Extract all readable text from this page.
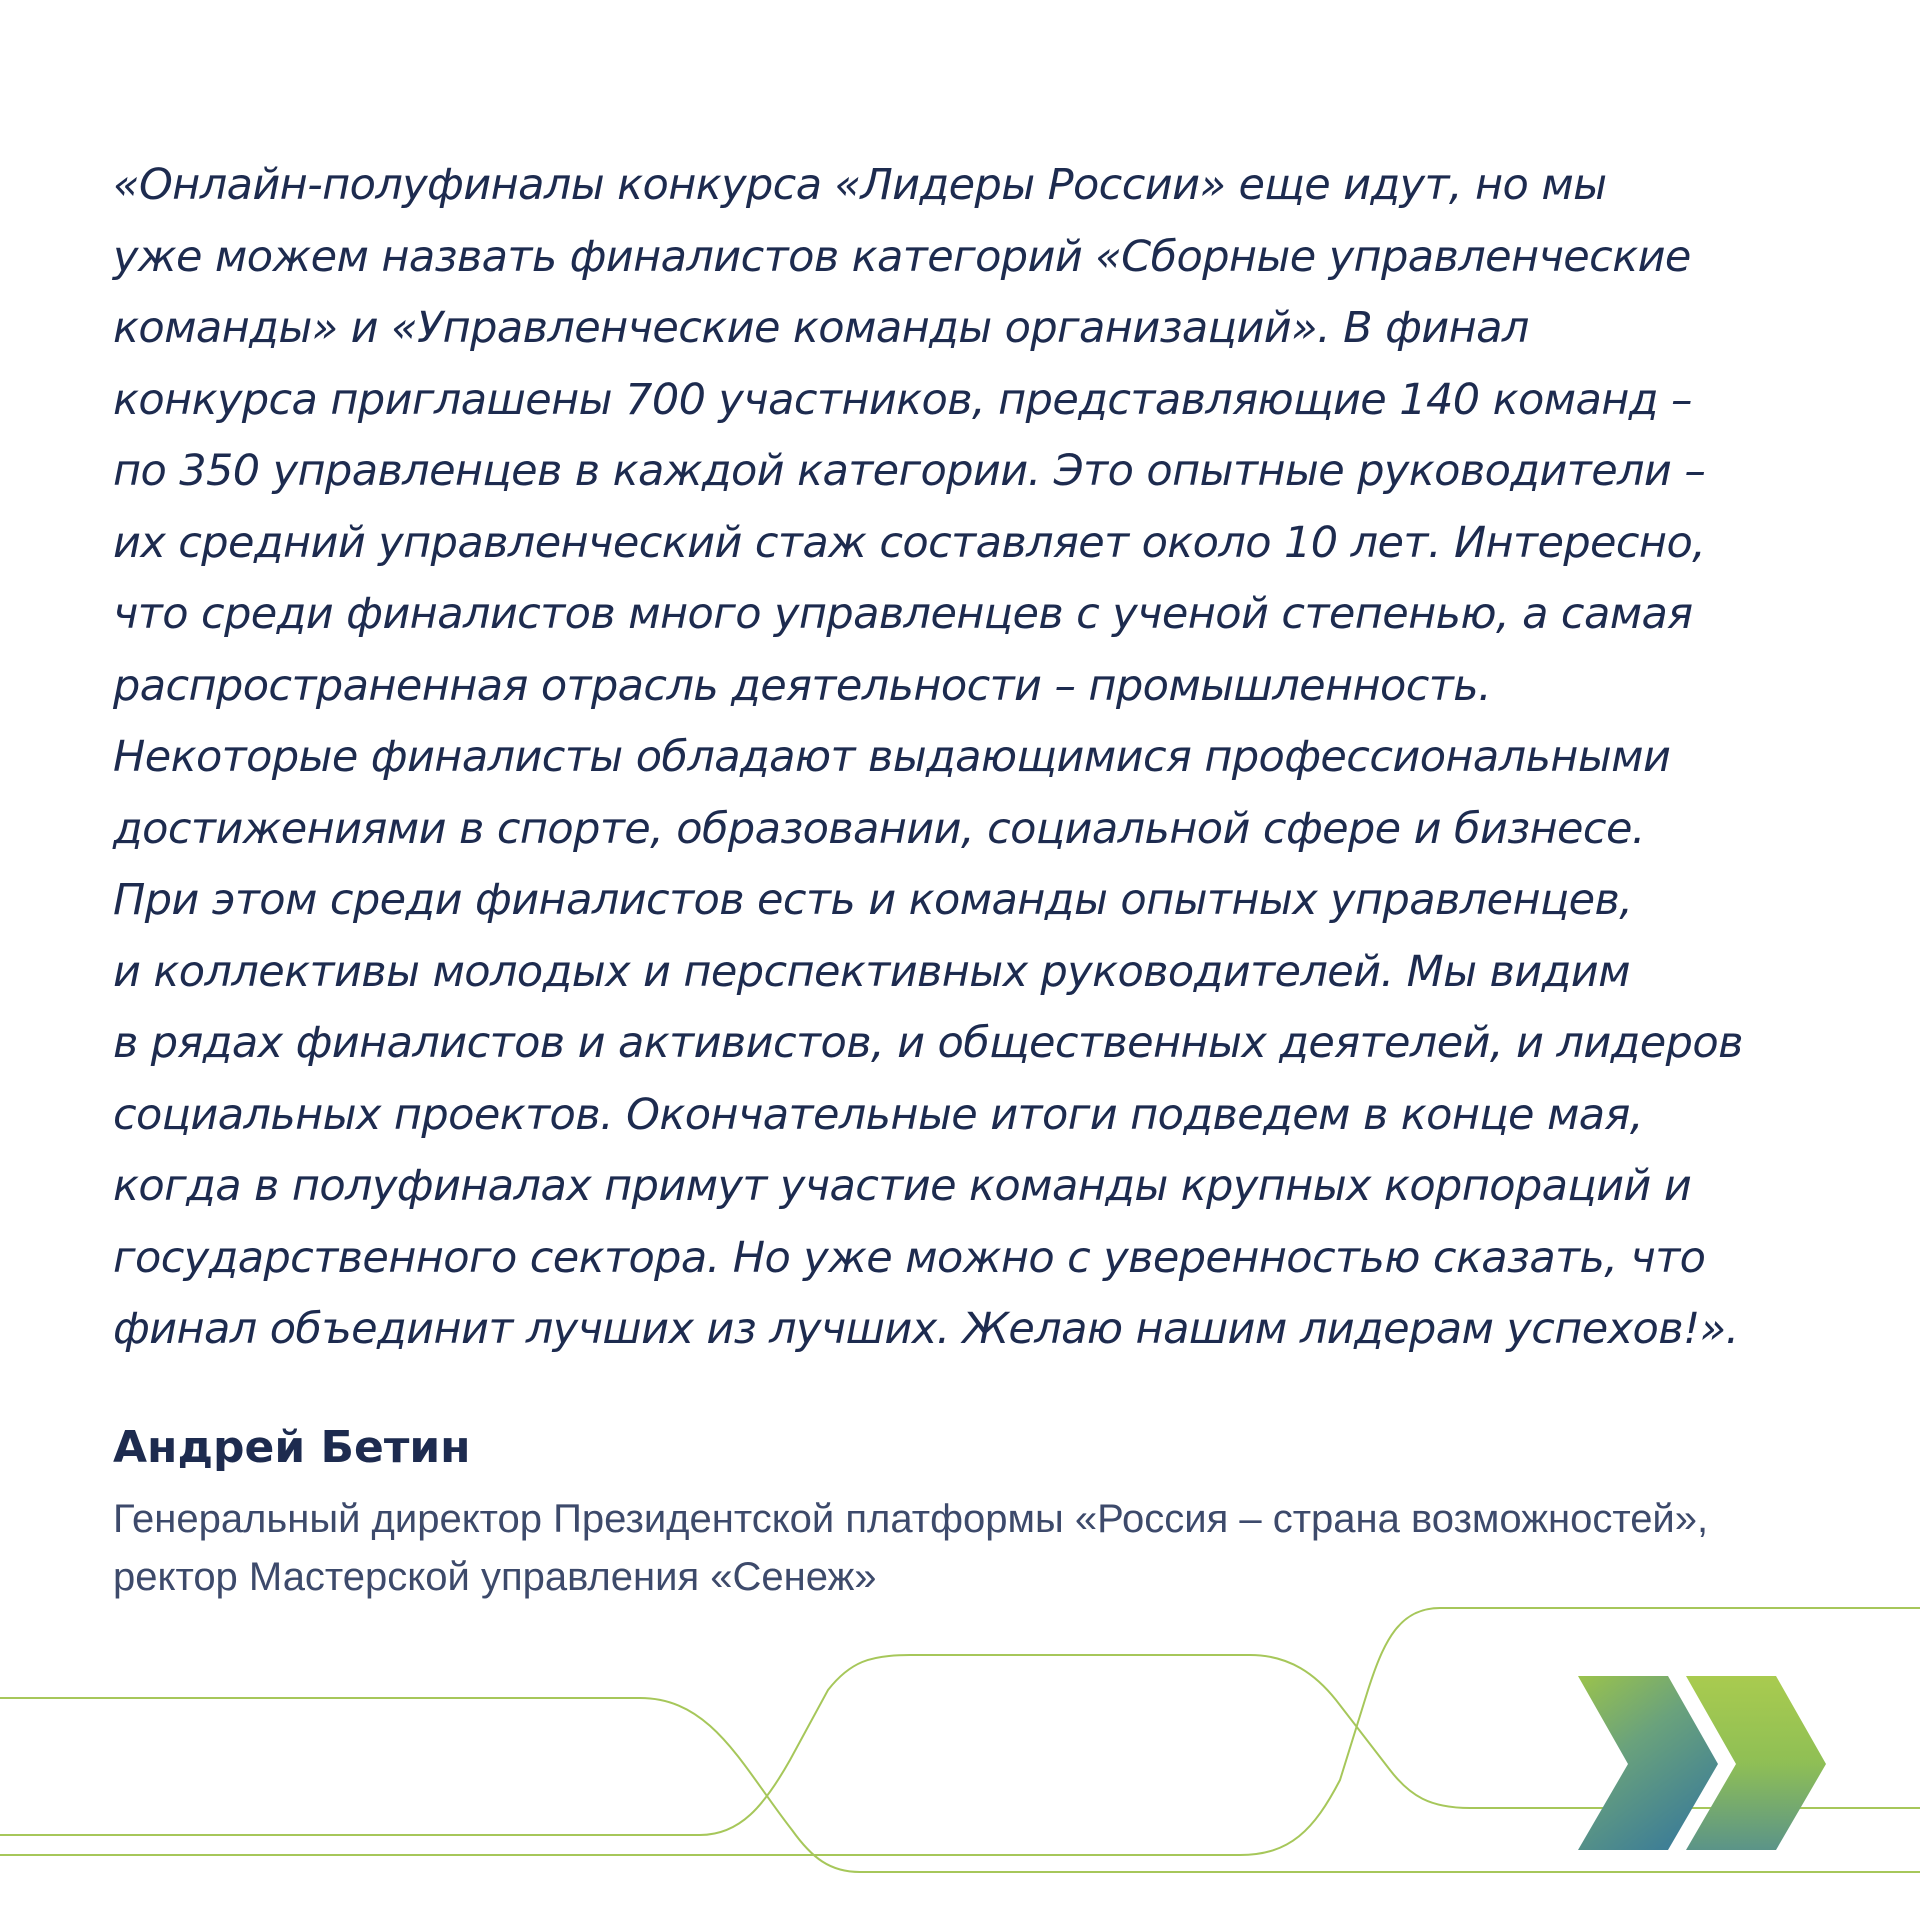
«Онлайн-полуфиналы конкурса «Лидеры России» еще идут, но мы
уже можем назвать финалистов категорий «Сборные управленческие
команды» и «Управленческие команды организаций». В финал
конкурса приглашены 700 участников, представляющие 140 команд –
по 350 управленцев в каждой категории. Это опытные руководители –
их средний управленческий стаж составляет около 10 лет. Интересно,
что среди финалистов много управленцев с ученой степенью, а самая
распространенная отрасль деятельности – промышленность.
Некоторые финалисты обладают выдающимися профессиональными
достижениями в спорте, образовании, социальной сфере и бизнесе.
При этом среди финалистов есть и команды опытных управленцев,
и коллективы молодых и перспективных руководителей. Мы видим
в рядах финалистов и активистов, и общественных деятелей, и лидеров
социальных проектов. Окончательные итоги подведем в конце мая,
когда в полуфиналах примут участие команды крупных корпораций и
государственного сектора. Но уже можно с уверенностью сказать, что
финал объединит лучших из лучших. Желаю нашим лидерам успехов!».

Андрей Бетин

Генеральный директор Президентской платформы «Россия – страна возможностей»,
ректор Мастерской управления «Сенеж»
